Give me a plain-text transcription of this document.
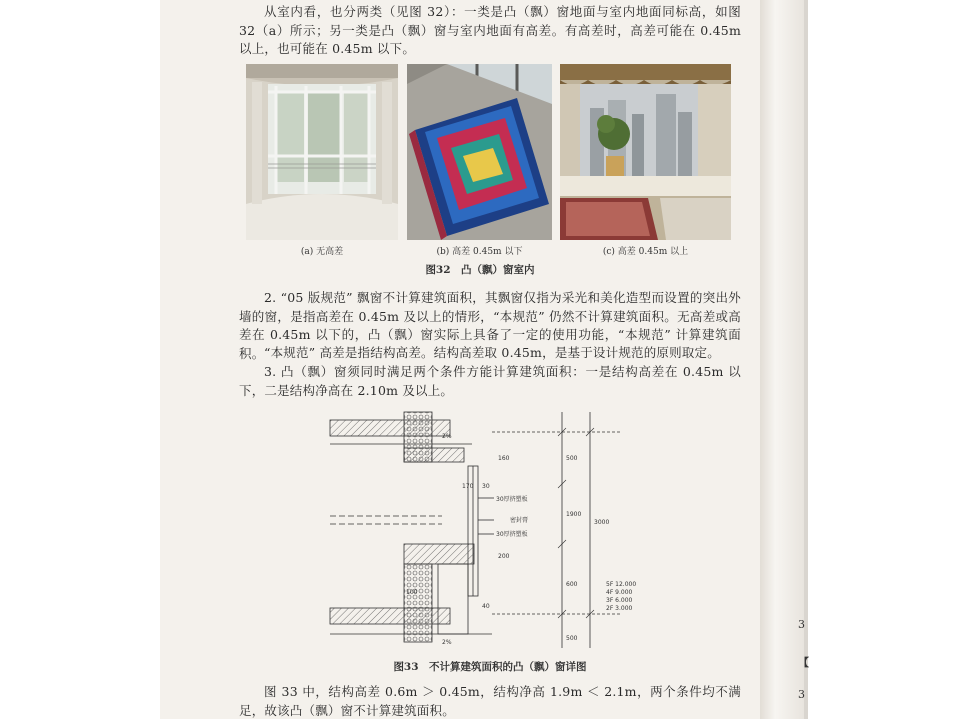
从室内看，也分两类（见图 32）：一类是凸（飘）窗地面与室内地面同标高，如图 32（a）所示；另一类是凸（飘）窗与室内地面有高差。有高差时，高差可能在 0.45m 以上，也可能在 0.45m 以下。

(a) 无高差	(b) 高差 0.45m 以下	(c) 高差 0.45m 以上
图32　凸（飘）窗室内

2. “05 版规范” 飘窗不计算建筑面积，其飘窗仅指为采光和美化造型而设置的突出外墙的窗，是指高差在 0.45m 及以上的情形，“本规范” 仍然不计算建筑面积。无高差或高差在 0.45m 以下的，凸（飘）窗实际上具备了一定的使用功能，“本规范” 计算建筑面积。 “本规范” 高差是指结构高差。结构高差取 0.45m，是基于设计规范的原则取定。

3. 凸（飘）窗须同时满足两个条件方能计算建筑面积：一是结构高差在 0.45m 以下，二是结构净高在 2.10m 及以上。

2%
2%
30厚挤塑板
密封膏
30厚挤塑板
170 30
160
200
40
100
500
1900
3000
600
500
5F 12.000
4F 9.000
3F 6.000
2F 3.000
图33　不计算建筑面积的凸（飘）窗详图

图 33 中，结构高差 0.6m ＞ 0.45m，结构净高 1.9m ＜ 2.1m，两个条件均不满足，故该凸（飘）窗不计算建筑面积。

3
【
3
